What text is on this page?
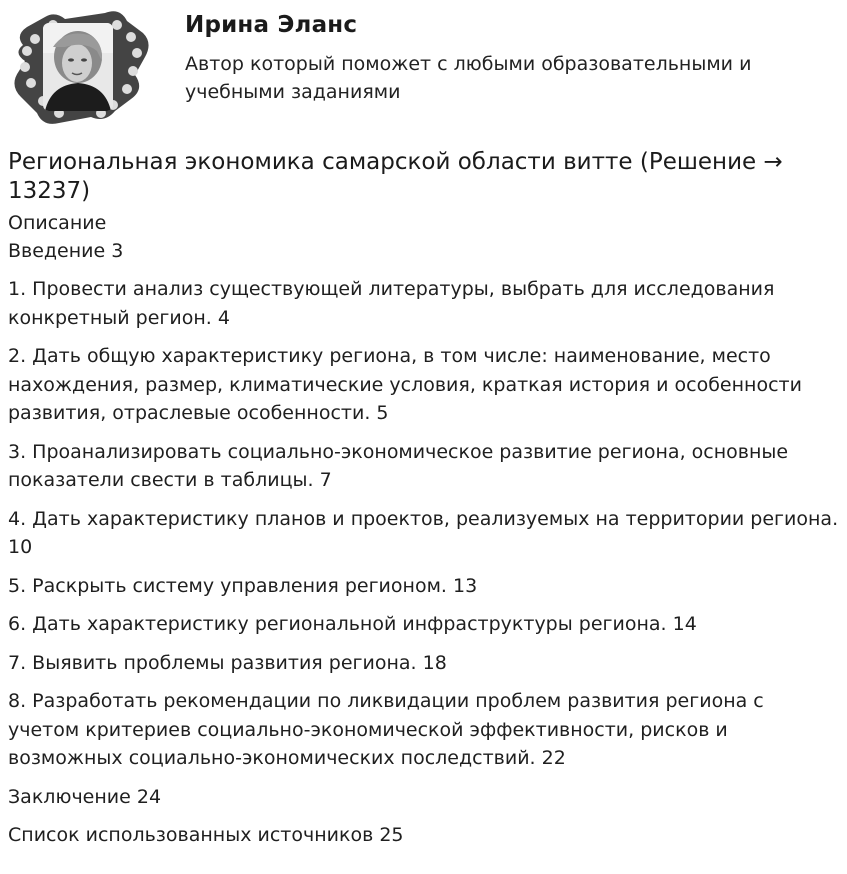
Ирина Эланс
Автор который поможет с любыми образовательными и учебными заданиями
Региональная экономика самарской области витте (Решение → 13237)
Описание
Введение 3
1. Провести анализ существующей литературы, выбрать для исследования конкретный регион. 4
2. Дать общую характеристику региона, в том числе: наименование, место нахождения, размер, климатические условия, краткая история и особенности развития, отраслевые особенности. 5
3. Проанализировать социально-экономическое развитие региона, основные показатели свести в таблицы. 7
4. Дать характеристику планов и проектов, реализуемых на территории региона. 10
5. Раскрыть систему управления регионом. 13
6. Дать характеристику региональной инфраструктуры региона. 14
7. Выявить проблемы развития региона. 18
8. Разработать рекомендации по ликвидации проблем развития региона с учетом критериев социально-экономической эффективности, рисков и возможных социально-экономических последствий. 22
Заключение 24
Список использованных источников 25
